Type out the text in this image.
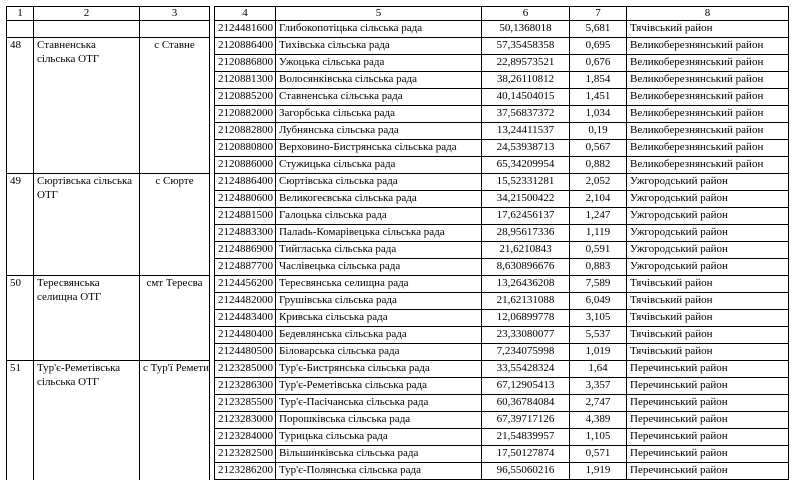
1	2	3		4	5	6	7	8
				2124481600	Глибокопотіцька сільська рада	50,1368018	5,681	Тячівський район
48	Ставненська сільська ОТГ	с Ставне		2120886400	Тихівська сільська рада	57,35458358	0,695	Великоберезнянський район
				2120886800	Ужоцька сільська рада	22,89573521	0,676	Великоберезнянський район
				2120881300	Волосянківська сільська рада	38,26110812	1,854	Великоберезнянський район
				2120885200	Ставненська сільська рада	40,14504015	1,451	Великоберезнянський район
				2120882000	Загорбська сільська рада	37,56837372	1,034	Великоберезнянський район
				2120882800	Лубнянська сільська рада	13,24411537	0,19	Великоберезнянський район
				2120880800	Верховино-Бистрянська сільська рада	24,53938713	0,567	Великоберезнянський район
				2120886000	Стужицька сільська рада	65,34209954	0,882	Великоберезнянський район
49	Сюртівська сільська ОТГ	с Сюрте		2124886400	Сюртівська сільська рада	15,52331281	2,052	Ужгородський район
				2124880600	Великогеєвська сільська рада	34,21500422	2,104	Ужгородський район
				2124881500	Галоцька сільська рада	17,62456137	1,247	Ужгородський район
				2124883300	Палadь-Комарівецька сільська рада	28,95617336	1,119	Ужгородський район
				2124886900	Тийгласька сільська рада	21,6210843	0,591	Ужгородський район
				2124887700	Часлівецька сільська рада	8,630896676	0,883	Ужгородський район
50	Тересвянська селищна ОТГ	смт Тересва		2124456200	Тересвянська селищна рада	13,26436208	7,589	Тячівський район
				2124482000	Грушівська сільська рада	21,62131088	6,049	Тячівський район
				2124483400	Кривська сільська рада	12,06899778	3,105	Тячівський район
				2124480400	Бедевлянська сільська рада	23,33080077	5,537	Тячівський район
				2124480500	Біловарська сільська рада	7,234075998	1,019	Тячівський район
51	Тур'є-Реметівська сільська ОТГ	с Тур'ї Ремети		2123285000	Тур'є-Бистрянська сільська рада	33,55428324	1,64	Перечинський район
				2123286300	Тур'є-Реметівська сільська рада	67,12905413	3,357	Перечинський район
				2123285500	Тур'є-Пасічанська сільська рада	60,36784084	2,747	Перечинський район
				2123283000	Порошківська сільська рада	67,39717126	4,389	Перечинський район
				2123284000	Турицька сільська рада	21,54839957	1,105	Перечинський район
				2123282500	Вільшинківська сільська рада	17,50127874	0,571	Перечинський район
				2123286200	Тур'є-Полянська сільська рада	96,55060216	1,919	Перечинський район
